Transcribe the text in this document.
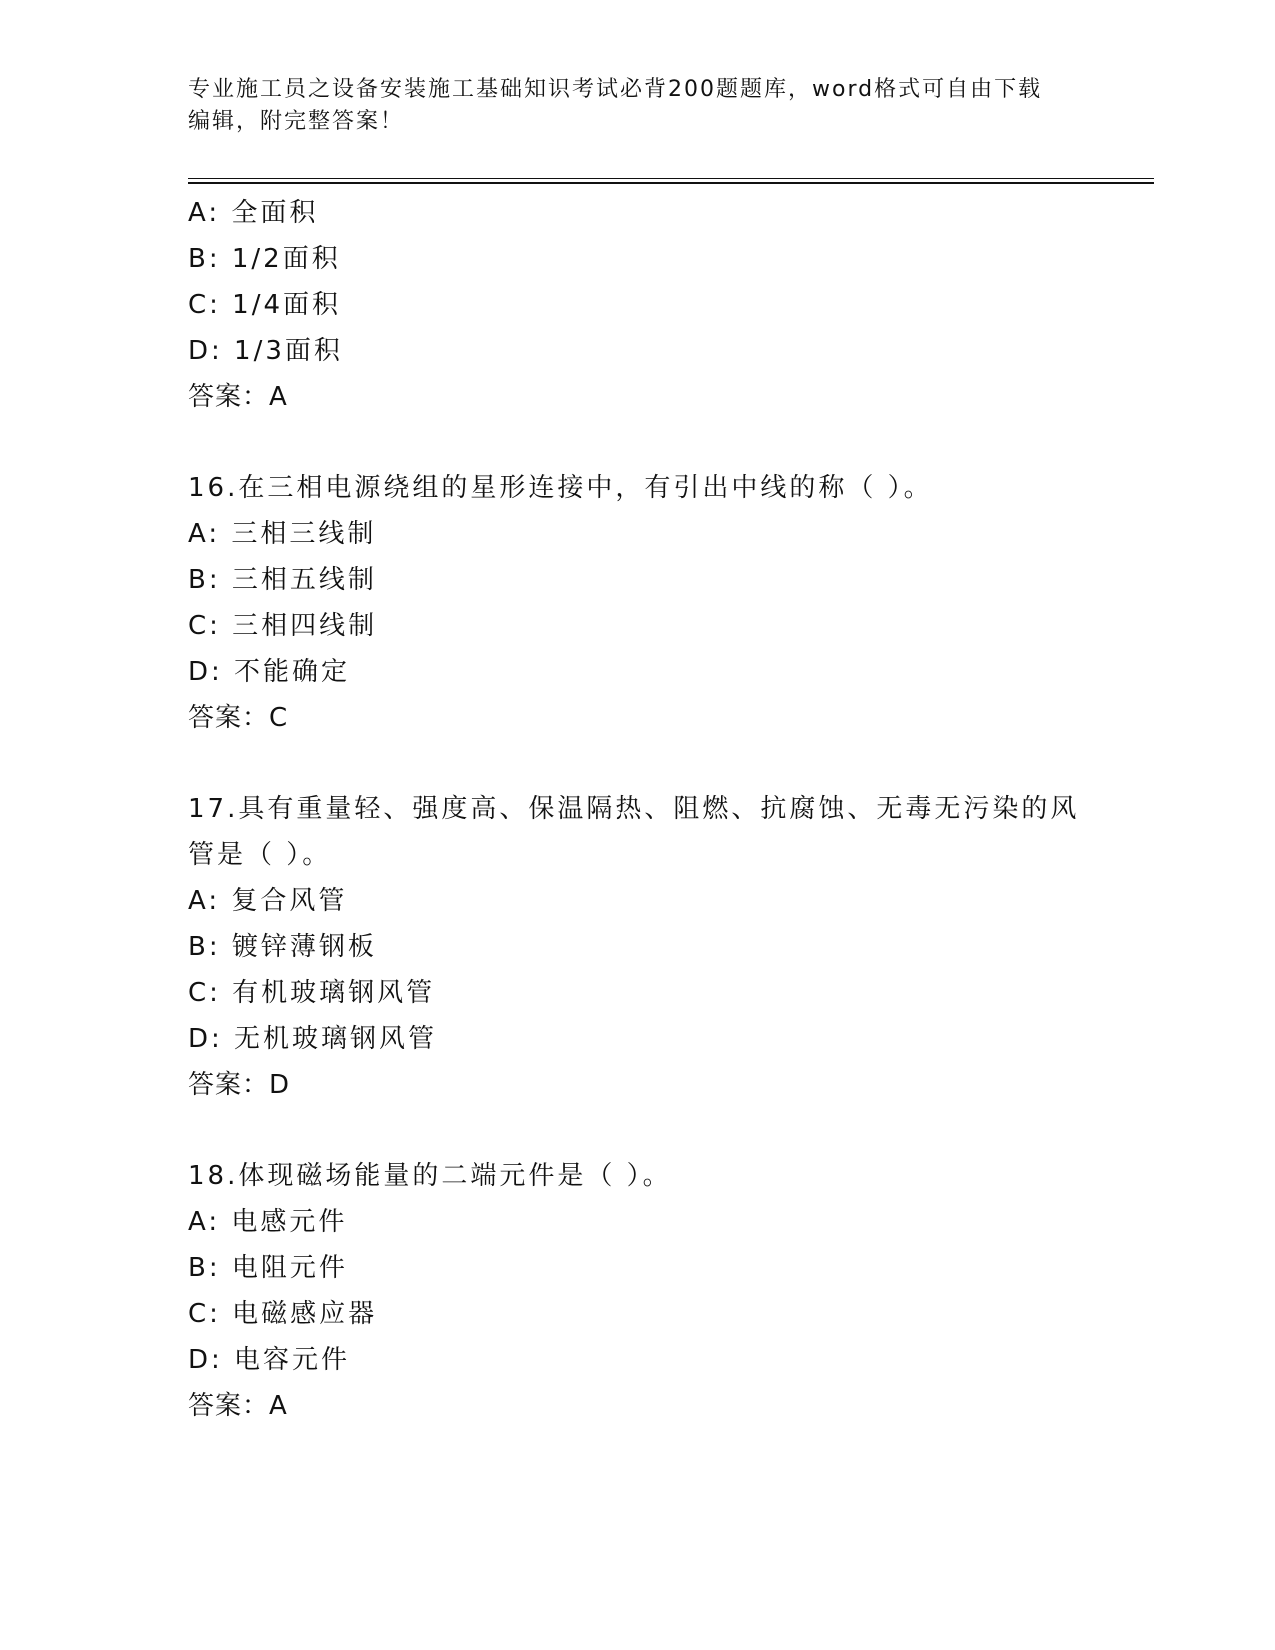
专业施工员之设备安装施工基础知识考试必背200题题库，word格式可自由下载
编辑，附完整答案！
A: 全面积
B: 1/2面积
C: 1/4面积
D: 1/3面积
答案：A
16.在三相电源绕组的星形连接中，有引出中线的称（ ）。
A: 三相三线制
B: 三相五线制
C: 三相四线制
D: 不能确定
答案：C
17.具有重量轻、强度高、保温隔热、阻燃、抗腐蚀、无毒无污染的风
管是（ ）。
A: 复合风管
B: 镀锌薄钢板
C: 有机玻璃钢风管
D: 无机玻璃钢风管
答案：D
18.体现磁场能量的二端元件是（ ）。
A: 电感元件
B: 电阻元件
C: 电磁感应器
D: 电容元件
答案：A
